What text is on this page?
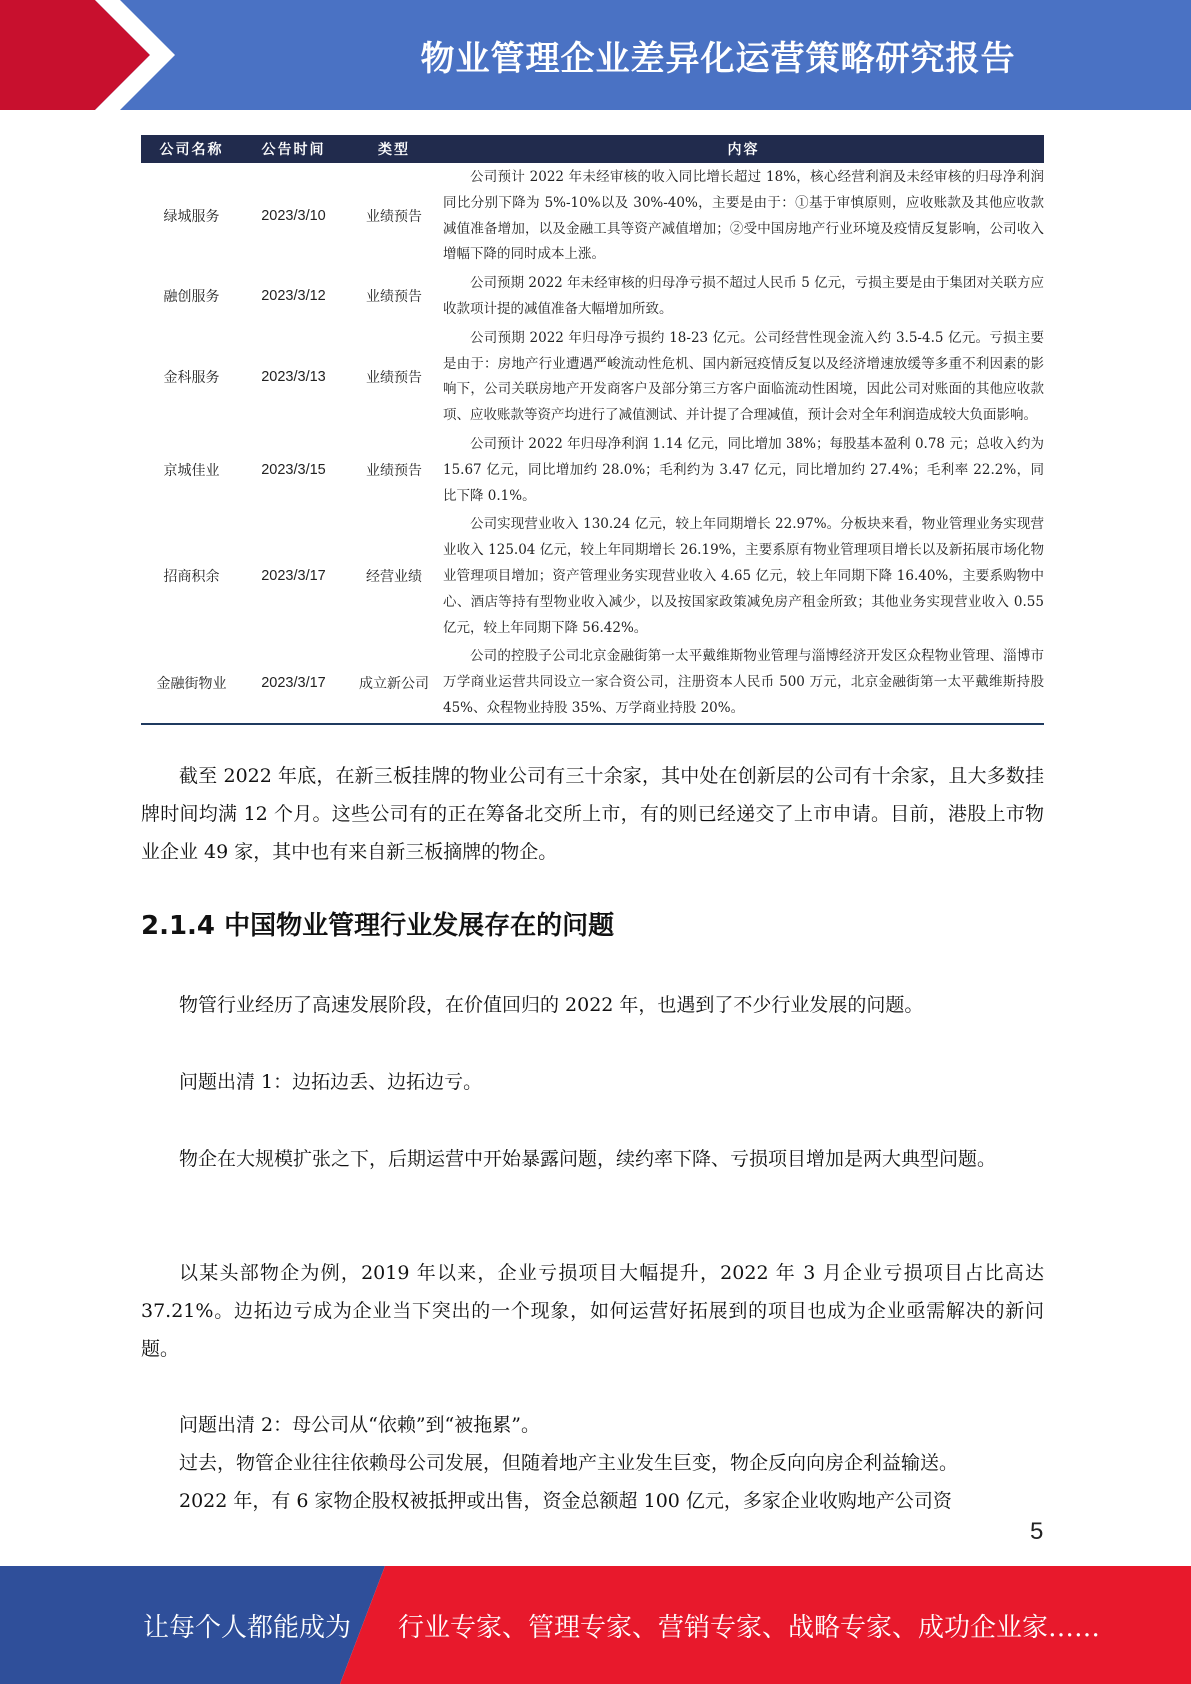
物业管理企业差异化运营策略研究报告
公司名称	公告时间	类型	内容
绿城服务	2023/3/10	业绩预告	公司预计 2022 年未经审核的收入同比增长超过 18%，核心经营利润及未经审核的归母净利润同比分别下降为 5%-10%以及 30%-40%，主要是由于：①基于审慎原则，应收账款及其他应收款减值准备增加，以及金融工具等资产减值增加；②受中国房地产行业环境及疫情反复影响，公司收入增幅下降的同时成本上涨。
融创服务	2023/3/12	业绩预告	公司预期 2022 年未经审核的归母净亏损不超过人民币 5 亿元，亏损主要是由于集团对关联方应收款项计提的减值准备大幅增加所致。
金科服务	2023/3/13	业绩预告	公司预期 2022 年归母净亏损约 18-23 亿元。公司经营性现金流入约 3.5-4.5 亿元。亏损主要是由于：房地产行业遭遇严峻流动性危机、国内新冠疫情反复以及经济增速放缓等多重不利因素的影响下，公司关联房地产开发商客户及部分第三方客户面临流动性困境，因此公司对账面的其他应收款项、应收账款等资产均进行了减值测试、并计提了合理减值，预计会对全年利润造成较大负面影响。
京城佳业	2023/3/15	业绩预告	公司预计 2022 年归母净利润 1.14 亿元，同比增加 38%；每股基本盈利 0.78 元；总收入约为 15.67 亿元，同比增加约 28.0%；毛利约为 3.47 亿元，同比增加约 27.4%；毛利率 22.2%，同比下降 0.1%。
招商积余	2023/3/17	经营业绩	公司实现营业收入 130.24 亿元，较上年同期增长 22.97%。分板块来看，物业管理业务实现营业收入 125.04 亿元，较上年同期增长 26.19%，主要系原有物业管理项目增长以及新拓展市场化物业管理项目增加；资产管理业务实现营业收入 4.65 亿元，较上年同期下降 16.40%，主要系购物中心、酒店等持有型物业收入减少，以及按国家政策减免房产租金所致；其他业务实现营业收入 0.55 亿元，较上年同期下降 56.42%。
金融街物业	2023/3/17	成立新公司	公司的控股子公司北京金融街第一太平戴维斯物业管理与淄博经济开发区众程物业管理、淄博市万学商业运营共同设立一家合资公司，注册资本人民币 500 万元，北京金融街第一太平戴维斯持股 45%、众程物业持股 35%、万学商业持股 20%。

截至 2022 年底，在新三板挂牌的物业公司有三十余家，其中处在创新层的公司有十余家，且大多数挂牌时间均满 12 个月。这些公司有的正在筹备北交所上市，有的则已经递交了上市申请。目前，港股上市物业企业 49 家，其中也有来自新三板摘牌的物企。

2.1.4 中国物业管理行业发展存在的问题

物管行业经历了高速发展阶段，在价值回归的 2022 年，也遇到了不少行业发展的问题。

问题出清 1：边拓边丢、边拓边亏。

物企在大规模扩张之下，后期运营中开始暴露问题，续约率下降、亏损项目增加是两大典型问题。

以某头部物企为例，2019 年以来，企业亏损项目大幅提升，2022 年 3 月企业亏损项目占比高达 37.21%。边拓边亏成为企业当下突出的一个现象，如何运营好拓展到的项目也成为企业亟需解决的新问题。

问题出清 2：母公司从“依赖”到“被拖累”。

过去，物管企业往往依赖母公司发展，但随着地产主业发生巨变，物企反向向房企利益输送。

2022 年，有 6 家物企股权被抵押或出售，资金总额超 100 亿元，多家企业收购地产公司资

5
让每个人都能成为 行业专家、管理专家、营销专家、战略专家、成功企业家……
